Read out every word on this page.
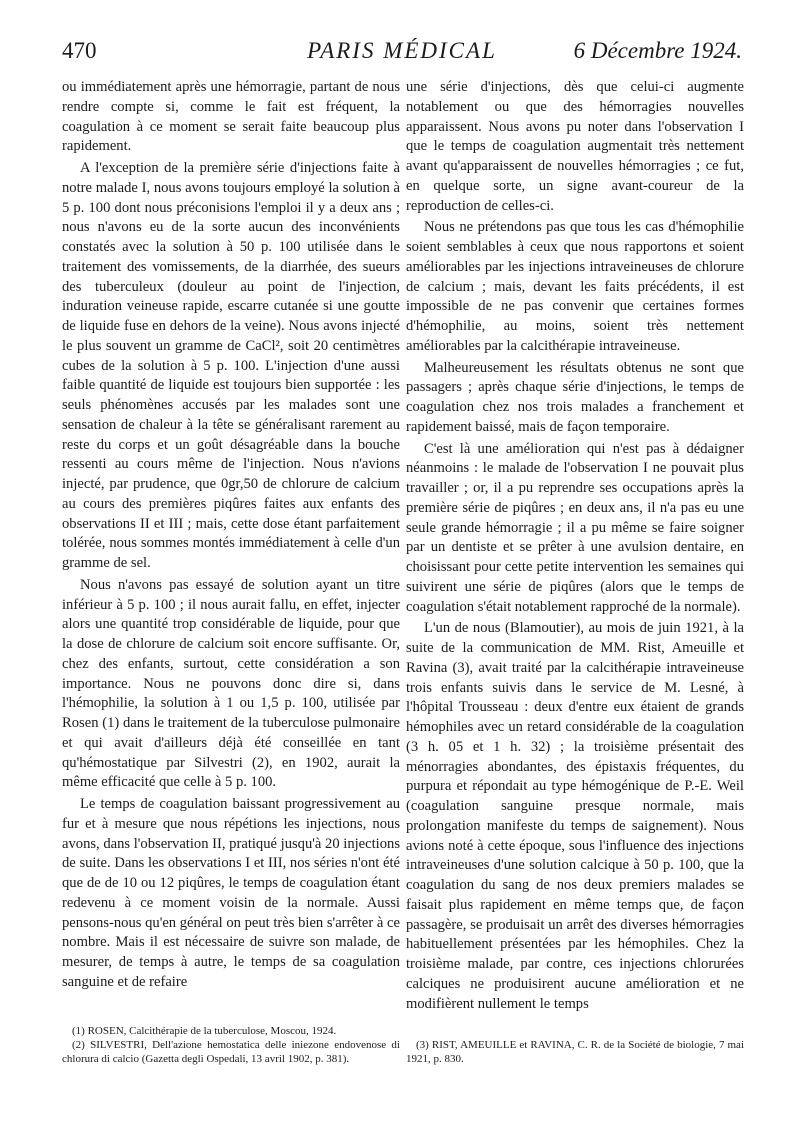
470	PARIS MÉDICAL	6 Décembre 1924.

ou immédiatement après une hémorragie, partant de nous rendre compte si, comme le fait est fréquent, la coagulation à ce moment se serait faite beaucoup plus rapidement.

A l'exception de la première série d'injections faite à notre malade I, nous avons toujours employé la solution à 5 p. 100 dont nous préconisions l'emploi il y a deux ans ; nous n'avons eu de la sorte aucun des inconvénients constatés avec la solution à 50 p. 100 utilisée dans le traitement des vomissements, de la diarrhée, des sueurs des tuberculeux (douleur au point de l'injection, induration veineuse rapide, escarre cutanée si une goutte de liquide fuse en dehors de la veine). Nous avons injecté le plus souvent un gramme de CaCl², soit 20 centimètres cubes de la solution à 5 p. 100. L'injection d'une aussi faible quantité de liquide est toujours bien supportée : les seuls phénomènes accusés par les malades sont une sensation de chaleur à la tête se généralisant rarement au reste du corps et un goût désagréable dans la bouche ressenti au cours même de l'injection. Nous n'avions injecté, par prudence, que 0gr,50 de chlorure de calcium au cours des premières piqûres faites aux enfants des observations II et III ; mais, cette dose étant parfaitement tolérée, nous sommes montés immédiatement à celle d'un gramme de sel.

Nous n'avons pas essayé de solution ayant un titre inférieur à 5 p. 100 ; il nous aurait fallu, en effet, injecter alors une quantité trop considérable de liquide, pour que la dose de chlorure de calcium soit encore suffisante. Or, chez des enfants, surtout, cette considération a son importance. Nous ne pouvons donc dire si, dans l'hémophilie, la solution à 1 ou 1,5 p. 100, utilisée par Rosen (1) dans le traitement de la tuberculose pulmonaire et qui avait d'ailleurs déjà été conseillée en tant qu'hémostatique par Silvestri (2), en 1902, aurait la même efficacité que celle à 5 p. 100.

Le temps de coagulation baissant progressivement au fur et à mesure que nous répétions les injections, nous avons, dans l'observation II, pratiqué jusqu'à 20 injections de suite. Dans les observations I et III, nos séries n'ont été que de de 10 ou 12 piqûres, le temps de coagulation étant redevenu à ce moment voisin de la normale. Aussi pensons-nous qu'en général on peut très bien s'arrêter à ce nombre. Mais il est nécessaire de suivre son malade, de mesurer, de temps à autre, le temps de sa coagulation sanguine et de refaire

(1) ROSEN, Calcithérapie de la tuberculose, Moscou, 1924.

(2) SILVESTRI, Dell'azione hemostatica delle iniezone endovenose di chlorura di calcio (Gazetta degli Ospedali, 13 avril 1902, p. 381).

une série d'injections, dès que celui-ci augmente notablement ou que des hémorragies nouvelles apparaissent. Nous avons pu noter dans l'observation I que le temps de coagulation augmentait très nettement avant qu'apparaissent de nouvelles hémorragies ; ce fut, en quelque sorte, un signe avant-coureur de la reproduction de celles-ci.

Nous ne prétendons pas que tous les cas d'hémophilie soient semblables à ceux que nous rapportons et soient améliorables par les injections intraveineuses de chlorure de calcium ; mais, devant les faits précédents, il est impossible de ne pas convenir que certaines formes d'hémophilie, au moins, soient très nettement améliorables par la calcithérapie intraveineuse.

Malheureusement les résultats obtenus ne sont que passagers ; après chaque série d'injections, le temps de coagulation chez nos trois malades a franchement et rapidement baissé, mais de façon temporaire.

C'est là une amélioration qui n'est pas à dédaigner néanmoins : le malade de l'observation I ne pouvait plus travailler ; or, il a pu reprendre ses occupations après la première série de piqûres ; en deux ans, il n'a pas eu une seule grande hémorragie ; il a pu même se faire soigner par un dentiste et se prêter à une avulsion dentaire, en choisissant pour cette petite intervention les semaines qui suivirent une série de piqûres (alors que le temps de coagulation s'était notablement rapproché de la normale).

L'un de nous (Blamoutier), au mois de juin 1921, à la suite de la communication de MM. Rist, Ameuille et Ravina (3), avait traité par la calcithérapie intraveineuse trois enfants suivis dans le service de M. Lesné, à l'hôpital Trousseau : deux d'entre eux étaient de grands hémophiles avec un retard considérable de la coagulation (3 h. 05 et 1 h. 32) ; la troisième présentait des ménorragies abondantes, des épistaxis fréquentes, du purpura et répondait au type hémogénique de P.-E. Weil (coagulation sanguine presque normale, mais prolongation manifeste du temps de saignement). Nous avions noté à cette époque, sous l'influence des injections intraveineuses d'une solution calcique à 50 p. 100, que la coagulation du sang de nos deux premiers malades se faisait plus rapidement en même temps que, de façon passagère, se produisait un arrêt des diverses hémorragies habituellement présentées par les hémophiles. Chez la troisième malade, par contre, ces injections chlorurées calciques ne produisirent aucune amélioration et ne modifièrent nullement le temps

(3) RIST, AMEUILLE et RAVINA, C. R. de la Société de biologie, 7 mai 1921, p. 830.
